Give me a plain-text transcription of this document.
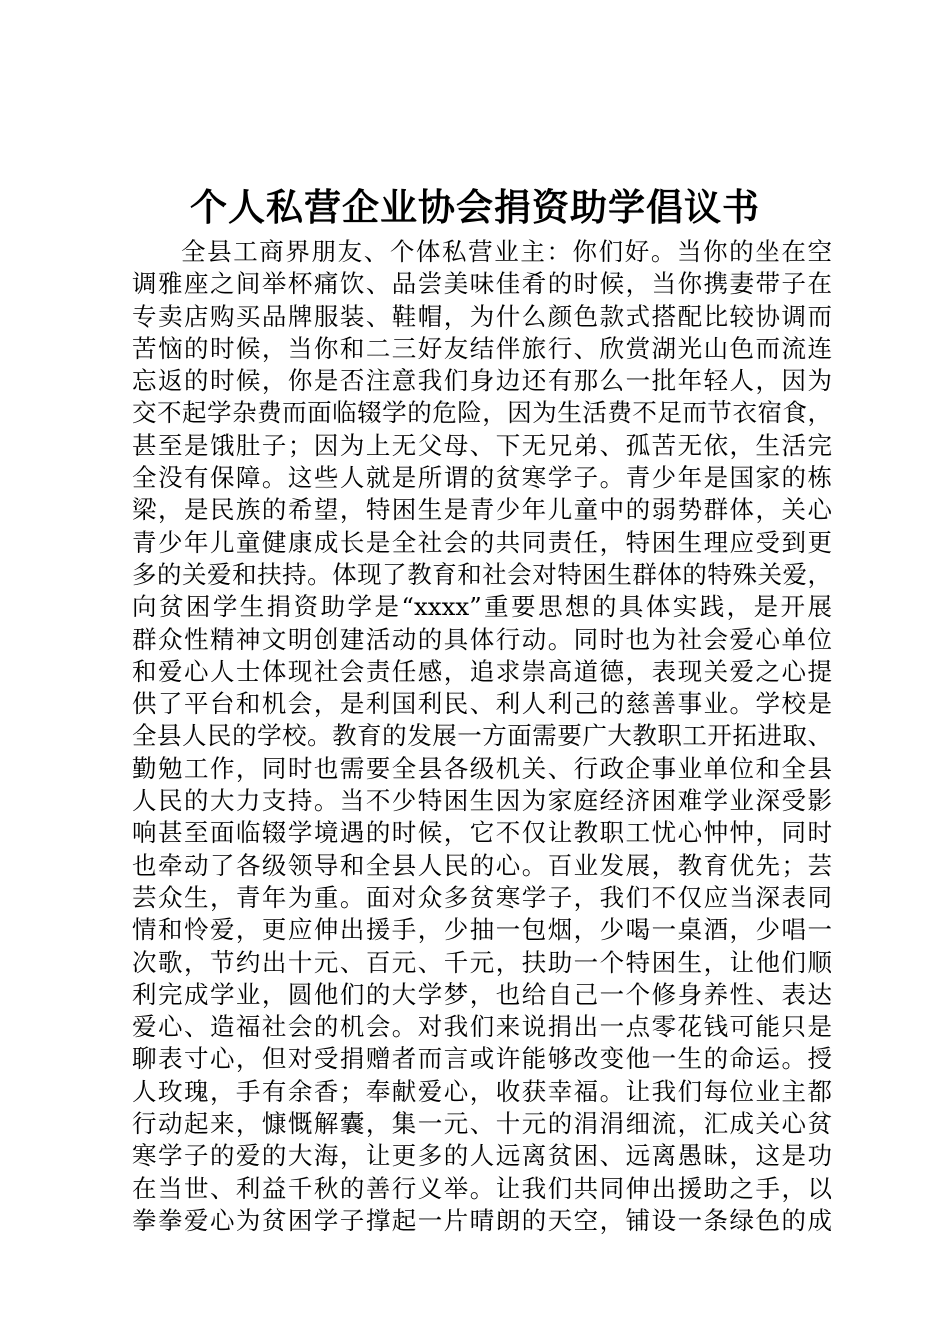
个人私营企业协会捐资助学倡议书
全县工商界朋友、个体私营业主：你们好。当你的坐在空
调雅座之间举杯痛饮、品尝美味佳肴的时候，当你携妻带子在
专卖店购买品牌服装、鞋帽，为什么颜色款式搭配比较协调而
苦恼的时候，当你和二三好友结伴旅行、欣赏湖光山色而流连
忘返的时候，你是否注意我们身边还有那么一批年轻人，因为
交不起学杂费而面临辍学的危险，因为生活费不足而节衣宿食，
甚至是饿肚子；因为上无父母、下无兄弟、孤苦无依，生活完
全没有保障。这些人就是所谓的贫寒学子。青少年是国家的栋
梁，是民族的希望，特困生是青少年儿童中的弱势群体，关心
青少年儿童健康成长是全社会的共同责任，特困生理应受到更
多的关爱和扶持。体现了教育和社会对特困生群体的特殊关爱，
向贫困学生捐资助学是“xxxx”重要思想的具体实践，是开展
群众性精神文明创建活动的具体行动。同时也为社会爱心单位
和爱心人士体现社会责任感，追求崇高道德，表现关爱之心提
供了平台和机会，是利国利民、利人利己的慈善事业。学校是
全县人民的学校。教育的发展一方面需要广大教职工开拓进取、
勤勉工作，同时也需要全县各级机关、行政企事业单位和全县
人民的大力支持。当不少特困生因为家庭经济困难学业深受影
响甚至面临辍学境遇的时候，它不仅让教职工忧心忡忡，同时
也牵动了各级领导和全县人民的心。百业发展，教育优先；芸
芸众生，青年为重。面对众多贫寒学子，我们不仅应当深表同
情和怜爱，更应伸出援手，少抽一包烟，少喝一桌酒，少唱一
次歌，节约出十元、百元、千元，扶助一个特困生，让他们顺
利完成学业，圆他们的大学梦，也给自己一个修身养性、表达
爱心、造福社会的机会。对我们来说捐出一点零花钱可能只是
聊表寸心，但对受捐赠者而言或许能够改变他一生的命运。授
人玫瑰，手有余香；奉献爱心，收获幸福。让我们每位业主都
行动起来，慷慨解囊，集一元、十元的涓涓细流，汇成关心贫
寒学子的爱的大海，让更多的人远离贫困、远离愚昧，这是功
在当世、利益千秋的善行义举。让我们共同伸出援助之手，以
拳拳爱心为贫困学子撑起一片晴朗的天空，铺设一条绿色的成
